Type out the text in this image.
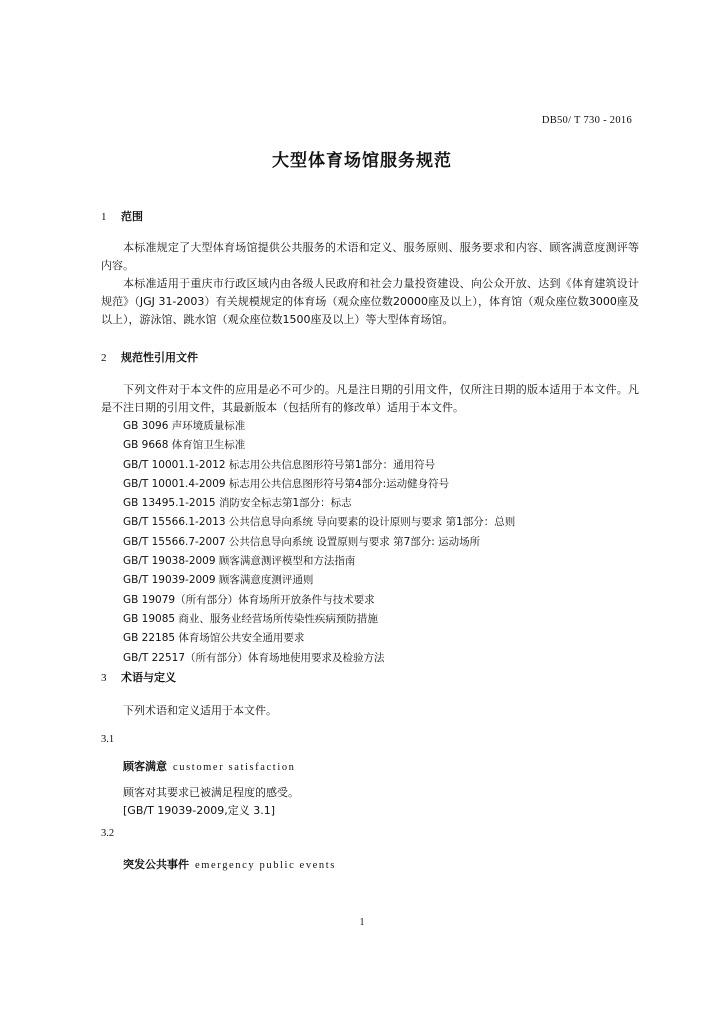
DB50/ T 730 - 2016
大型体育场馆服务规范
1 范围
本标准规定了大型体育场馆提供公共服务的术语和定义、服务原则、服务要求和内容、顾客满意度测评等内容。
本标准适用于重庆市行政区域内由各级人民政府和社会力量投资建设、向公众开放、达到《体育建筑设计规范》（JGJ 31-2003）有关规模规定的体育场（观众座位数20000座及以上），体育馆（观众座位数3000座及以上），游泳馆、跳水馆（观众座位数1500座及以上）等大型体育场馆。
2 规范性引用文件
下列文件对于本文件的应用是必不可少的。凡是注日期的引用文件，仅所注日期的版本适用于本文件。凡是不注日期的引用文件，其最新版本（包括所有的修改单）适用于本文件。
GB 3096 声环境质量标准
GB 9668 体育馆卫生标准
GB/T 10001.1-2012 标志用公共信息图形符号第1部分：通用符号
GB/T 10001.4-2009 标志用公共信息图形符号第4部分:运动健身符号
GB 13495.1-2015 消防安全标志第1部分：标志
GB/T 15566.1-2013 公共信息导向系统 导向要素的设计原则与要求 第1部分：总则
GB/T 15566.7-2007 公共信息导向系统 设置原则与要求 第7部分: 运动场所
GB/T 19038-2009 顾客满意测评模型和方法指南
GB/T 19039-2009 顾客满意度测评通则
GB 19079（所有部分）体育场所开放条件与技术要求
GB 19085 商业、服务业经营场所传染性疾病预防措施
GB 22185 体育场馆公共安全通用要求
GB/T 22517（所有部分）体育场地使用要求及检验方法
3 术语与定义
下列术语和定义适用于本文件。
3.1
顾客满意 customer satisfaction
顾客对其要求已被满足程度的感受。
[GB/T 19039-2009,定义 3.1]
3.2
突发公共事件 emergency public events
1
